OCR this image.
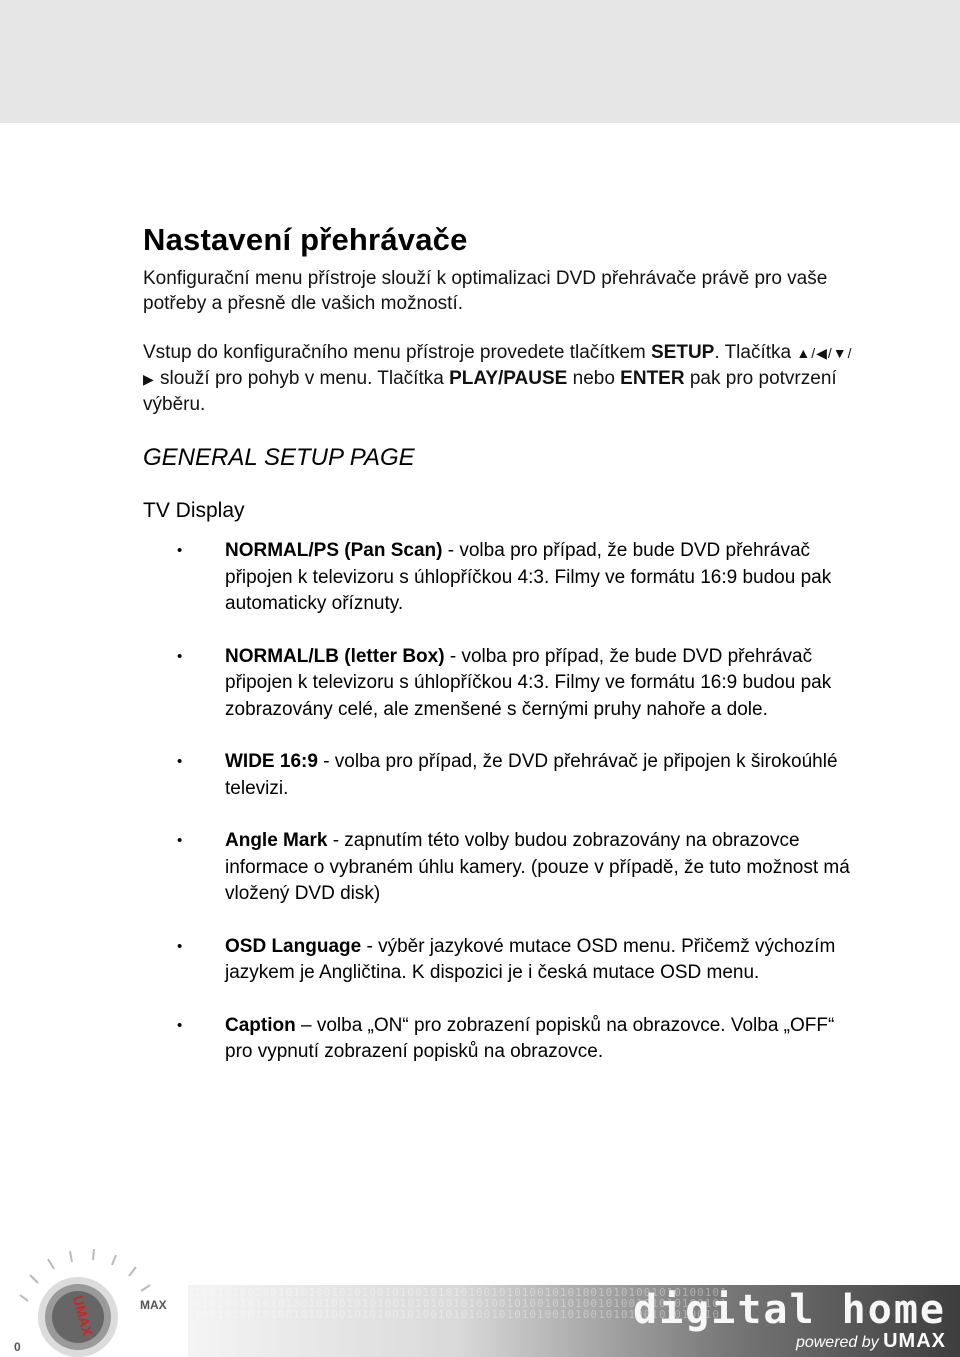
Nastavení přehrávače

Konfigurační menu přístroje slouží k optimalizaci DVD přehrávače právě pro vaše potřeby a přesně dle vašich možností.

Vstup do konfiguračního menu přístroje provedete tlačítkem SETUP. Tlačítka ▲/◀/▼/▶ slouží pro pohyb v menu. Tlačítka PLAY/PAUSE nebo ENTER pak pro potvrzení výběru.

GENERAL SETUP PAGE
TV Display
• NORMAL/PS (Pan Scan) - volba pro případ, že bude DVD přehrávač připojen k televizoru s úhlopříčkou 4:3. Filmy ve formátu 16:9 budou pak automaticky oříznuty.
• NORMAL/LB (letter Box) - volba pro případ, že bude DVD přehrávač připojen k televizoru s úhlopříčkou 4:3. Filmy ve formátu 16:9 budou pak zobrazovány celé, ale zmenšené s černými pruhy nahoře a dole.
• WIDE 16:9 - volba pro případ, že DVD přehrávač je připojen k širokoúhlé televizi.
• Angle Mark - zapnutím této volby budou zobrazovány na obrazovce informace o vybraném úhlu kamery. (pouze v případě, že tuto možnost má vložený DVD disk)
• OSD Language - výběr jazykové mutace OSD menu. Přičemž výchozím jazykem je Angličtina. K dispozici je i česká mutace OSD menu.
• Caption – volba „ON“ pro zobrazení popisků na obrazovce. Volba „OFF“ pro vypnutí zobrazení popisků na obrazovce.
UMAX
0
MAX
1001010010010101001010100101001010101001010100101010010101001010100101
0101001010101001010010101001010100101010010100101010010100101010100101
1001010010100101010010101001010010101001010101001010010101001010100101
digital home
powered by UMAX
